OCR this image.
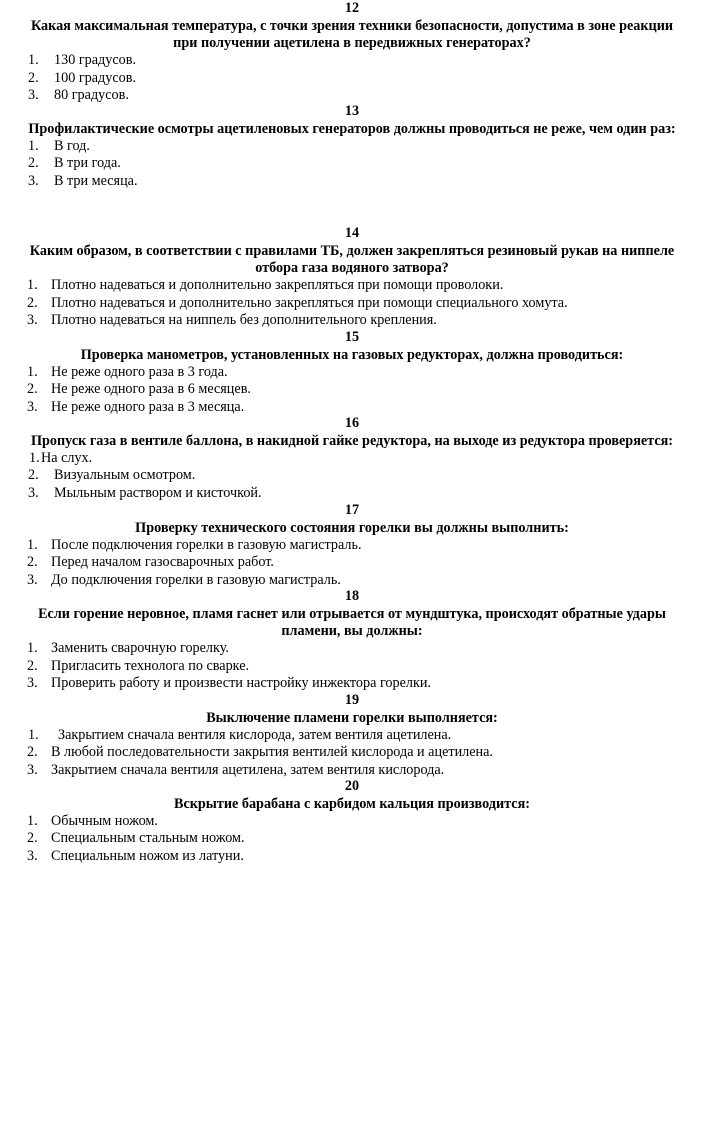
12
Какая максимальная температура, с точки зрения техники безопасности, допустима в зоне реакции
при получении ацетилена в передвижных генераторах?
1. 130 градусов.
2. 100 градусов.
3. 80 градусов.
13
Профилактические осмотры ацетиленовых генераторов должны проводиться не реже, чем один раз:
1. В год.
2. В три года.
3. В три месяца.
14
Каким образом, в соответствии с правилами ТБ, должен закрепляться резиновый рукав на ниппеле
отбора газа водяного затвора?
1. Плотно надеваться и дополнительно закрепляться при помощи проволоки.
2. Плотно надеваться и дополнительно закрепляться при помощи специального хомута.
3. Плотно надеваться на ниппель без дополнительного крепления.
15
Проверка манометров, установленных на газовых редукторах, должна проводиться:
1. Не реже одного раза в 3 года.
2. Не реже одного раза в 6 месяцев.
3. Не реже одного раза в 3 месяца.
16
Пропуск газа в вентиле баллона, в накидной гайке редуктора, на выходе из редуктора проверяется:
1. На слух.
2. Визуальным осмотром.
3. Мыльным раствором и кисточкой.
17
Проверку технического состояния горелки вы должны выполнить:
1. После подключения горелки в газовую магистраль.
2. Перед началом газосварочных работ.
3. До подключения горелки в газовую магистраль.
18
Если горение неровное, пламя гаснет или отрывается от мундштука, происходят обратные удары
пламени, вы должны:
1. Заменить сварочную горелку.
2. Пригласить технолога по сварке.
3. Проверить работу и произвести настройку инжектора горелки.
19
Выключение пламени горелки выполняется:
1. Закрытием сначала вентиля кислорода, затем вентиля ацетилена.
2. В любой последовательности закрытия вентилей кислорода и ацетилена.
3. Закрытием сначала вентиля ацетилена, затем вентиля кислорода.
20
Вскрытие барабана с карбидом кальция производится:
1. Обычным ножом.
2. Специальным стальным ножом.
3. Специальным ножом из латуни.
